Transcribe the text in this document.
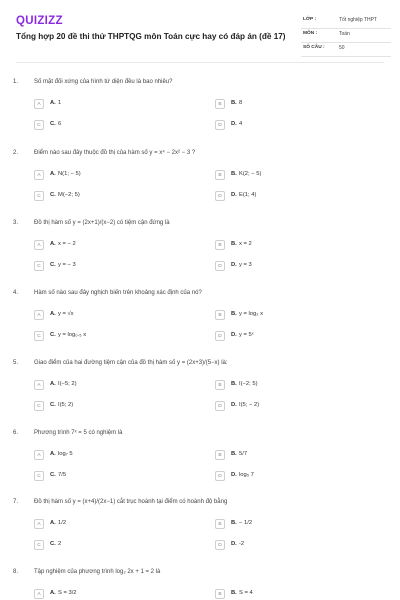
QUIZIZZ
Tổng hợp 20 đề thi thử THPTQG môn Toán cực hay có đáp án (đề 17)
LỚP :	Tốt nghiệp THPT
MÔN :	Toán
SỐ CÂU :	50
1.	Số mặt đối xứng của hình tứ diện đều là bao nhiêu?
A	A. 1	B	B. 8
C	C. 6	D	D. 4
2.	Điểm nào sau đây thuộc đồ thị của hàm số y = x⁴ − 2x² − 3 ?
A	A. N(1; − 5)	B	B. K(2; − 5)
C	C. M(−2; 5)	D	D. E(1; 4)
3.	Đồ thị hàm số y = (2x+1)/(x−2) có tiệm cận đứng là
A	A. x = − 2	B	B. x = 2
C	C. y = − 3	D	D. y = 3
4.	Hàm số nào sau đây nghịch biến trên khoảng xác định của nó?
A	A. y = √x	B	B. y = log₂ x
C	C. y = log₀.₅ x	D	D. y = 5ˣ
5.	Giao điểm của hai đường tiệm cận của đồ thị hàm số y = (2x+3)/(5−x) là:
A	A. I(−5; 2)	B	B. I(−2; 5)
C	C. I(5; 2)	D	D. I(5; − 2)
6.	Phương trình 7ˣ = 5 có nghiệm là
A	A. log₇ 5	B	B. 5/7
C	C. 7/5	D	D. log₅ 7
7.	Đồ thị hàm số y = (x+4)/(2x−1) cắt trục hoành tại điểm có hoành độ bằng
A	A. 1/2	B	B. − 1/2
C	C. 2	D	D. -2
8.	Tập nghiệm của phương trình log₂ 2x + 1 = 2 là
A	A. S = 3/2	B	B. S = 4
